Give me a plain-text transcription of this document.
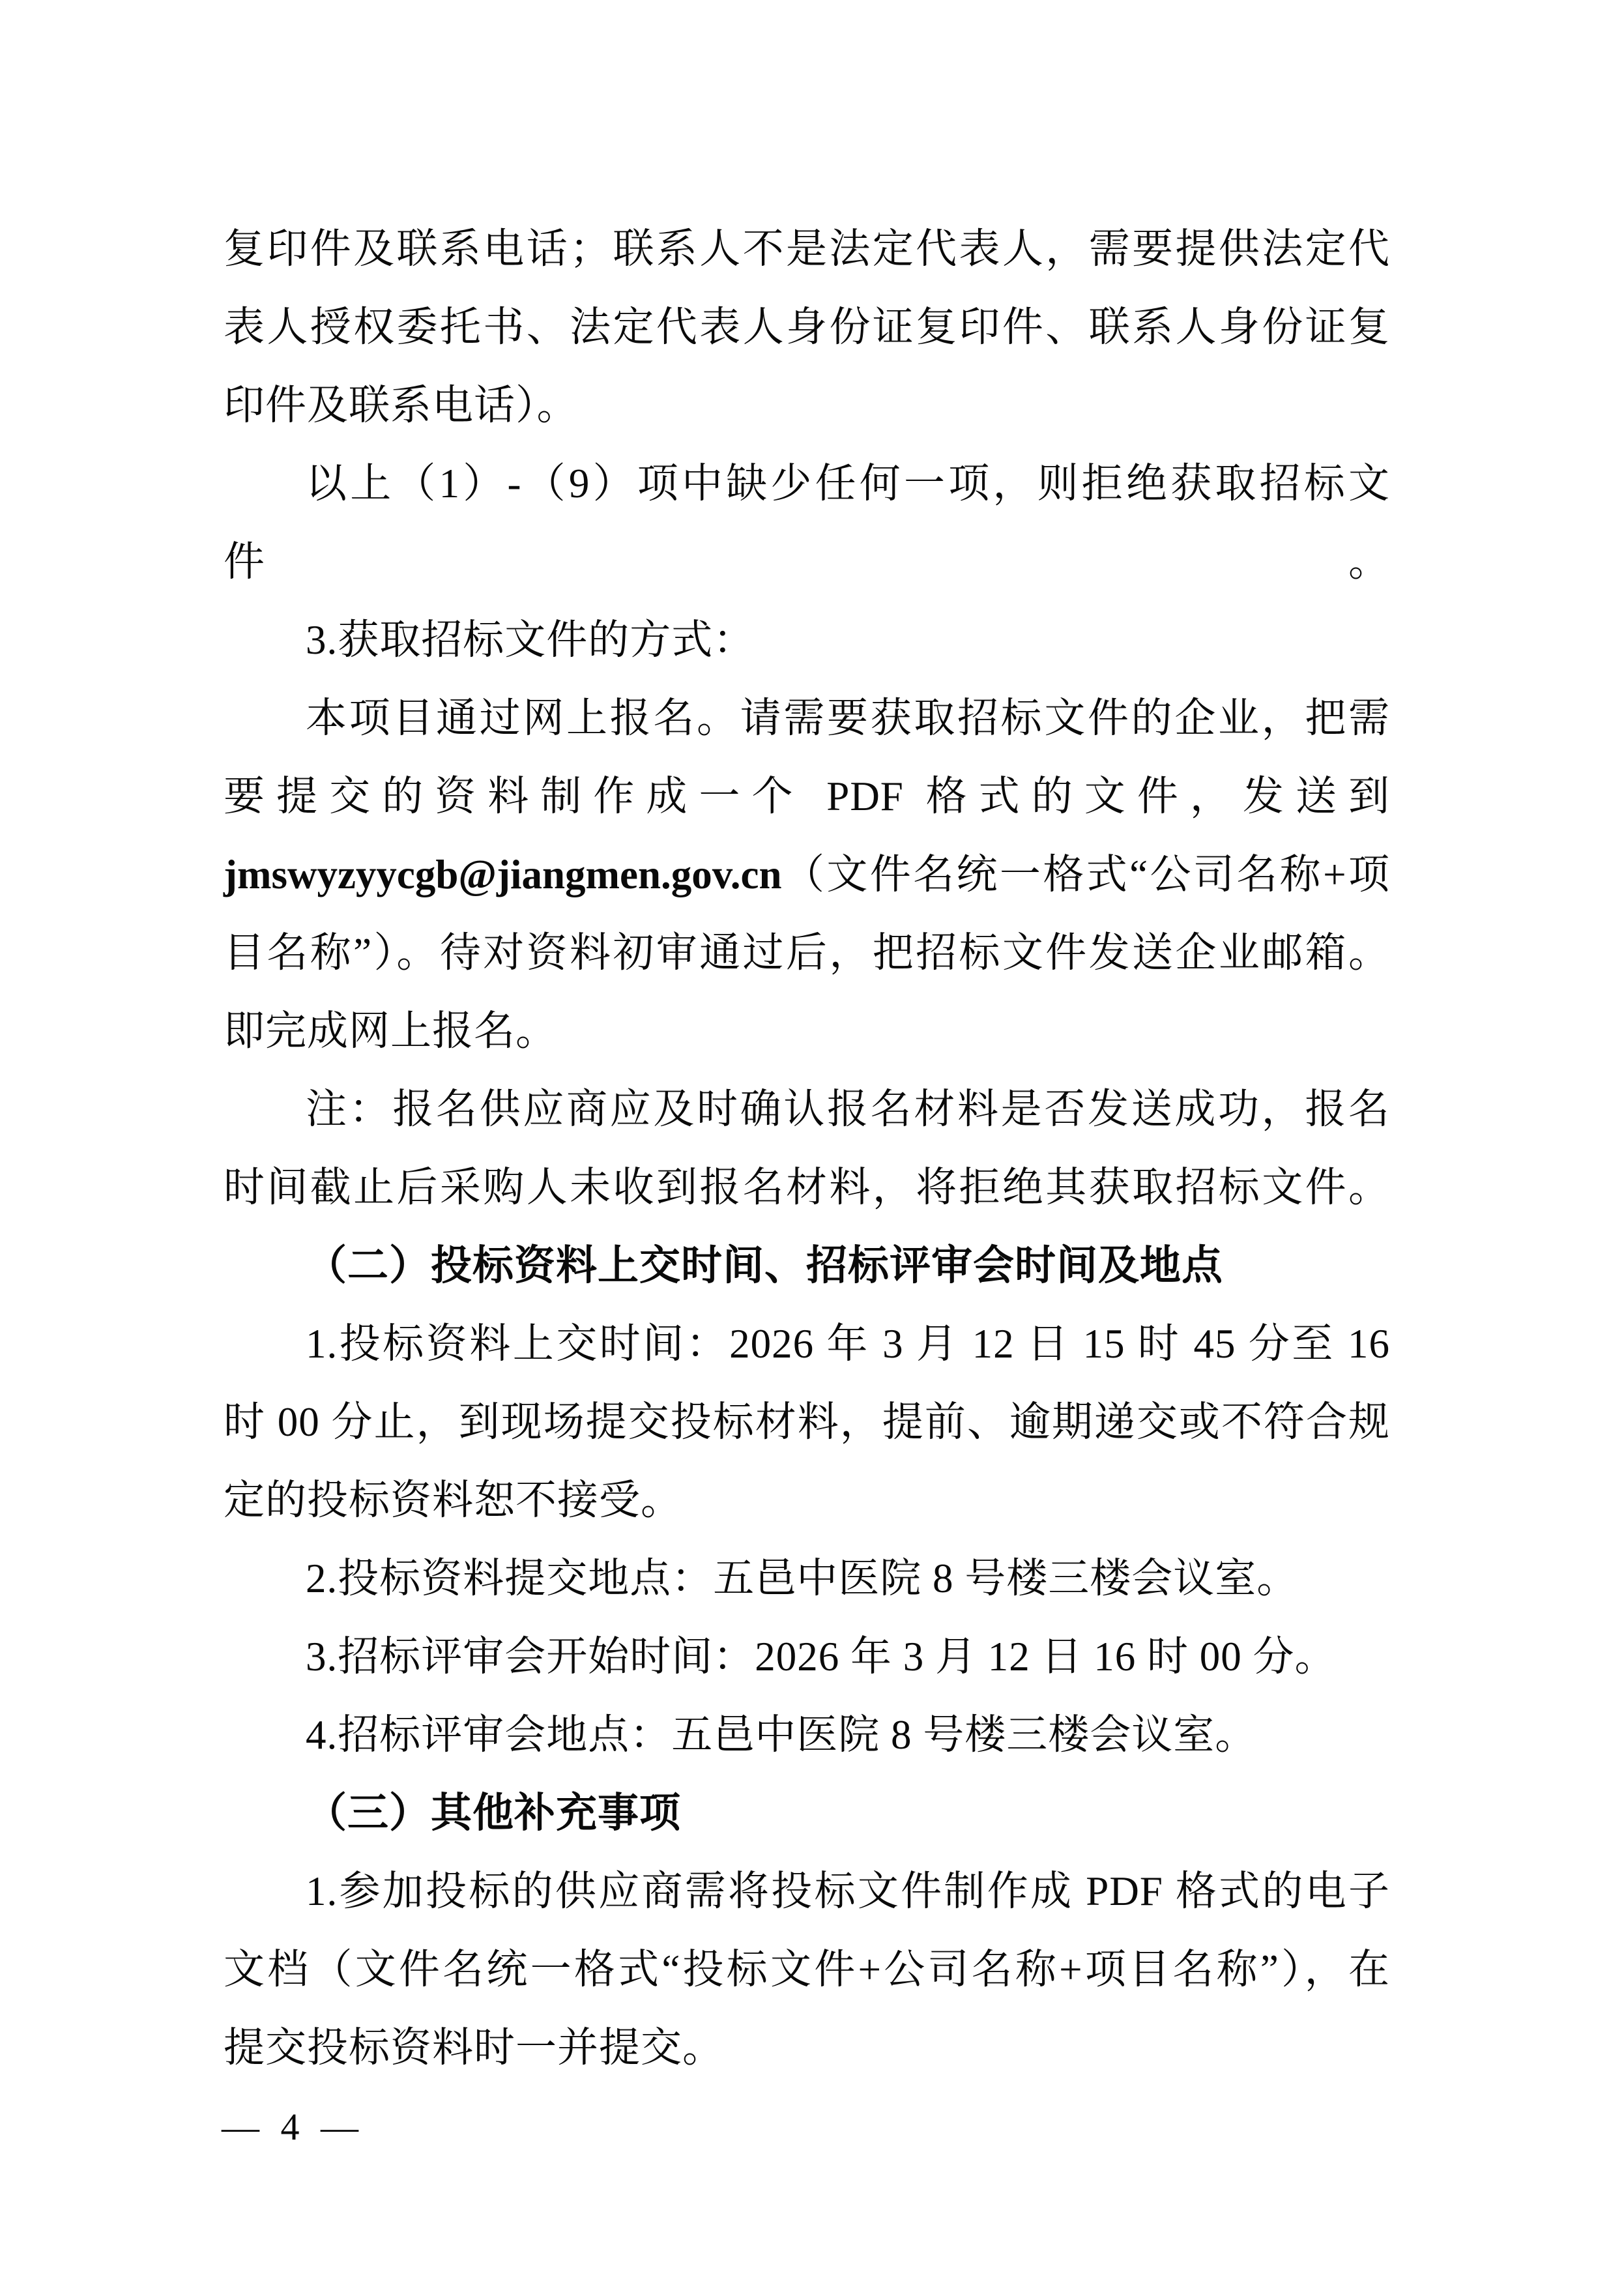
复印件及联系电话；联系人不是法定代表人，需要提供法定代

表人授权委托书、法定代表人身份证复印件、联系人身份证复

印件及联系电话）。

以上（1）-（9）项中缺少任何一项，则拒绝获取招标文件。

3.获取招标文件的方式：

本项目通过网上报名。请需要获取招标文件的企业，把需

要提交的资料制作成一个 PDF 格式的文件，发送到

jmswyzyycgb@jiangmen.gov.cn（文件名统一格式“公司名称+项

目名称”）。待对资料初审通过后，把招标文件发送企业邮箱。

即完成网上报名。

注：报名供应商应及时确认报名材料是否发送成功，报名

时间截止后采购人未收到报名材料，将拒绝其获取招标文件。

（二）投标资料上交时间、招标评审会时间及地点

1.投标资料上交时间：2026 年 3 月 12 日 15 时 45 分至 16

时 00 分止，到现场提交投标材料，提前、逾期递交或不符合规

定的投标资料恕不接受。

2.投标资料提交地点：五邑中医院 8 号楼三楼会议室。

3.招标评审会开始时间：2026 年 3 月 12 日 16 时 00 分。

4.招标评审会地点：五邑中医院 8 号楼三楼会议室。

（三）其他补充事项

1.参加投标的供应商需将投标文件制作成 PDF 格式的电子

文档（文件名统一格式“投标文件+公司名称+项目名称”），在

提交投标资料时一并提交。

— 4 —
